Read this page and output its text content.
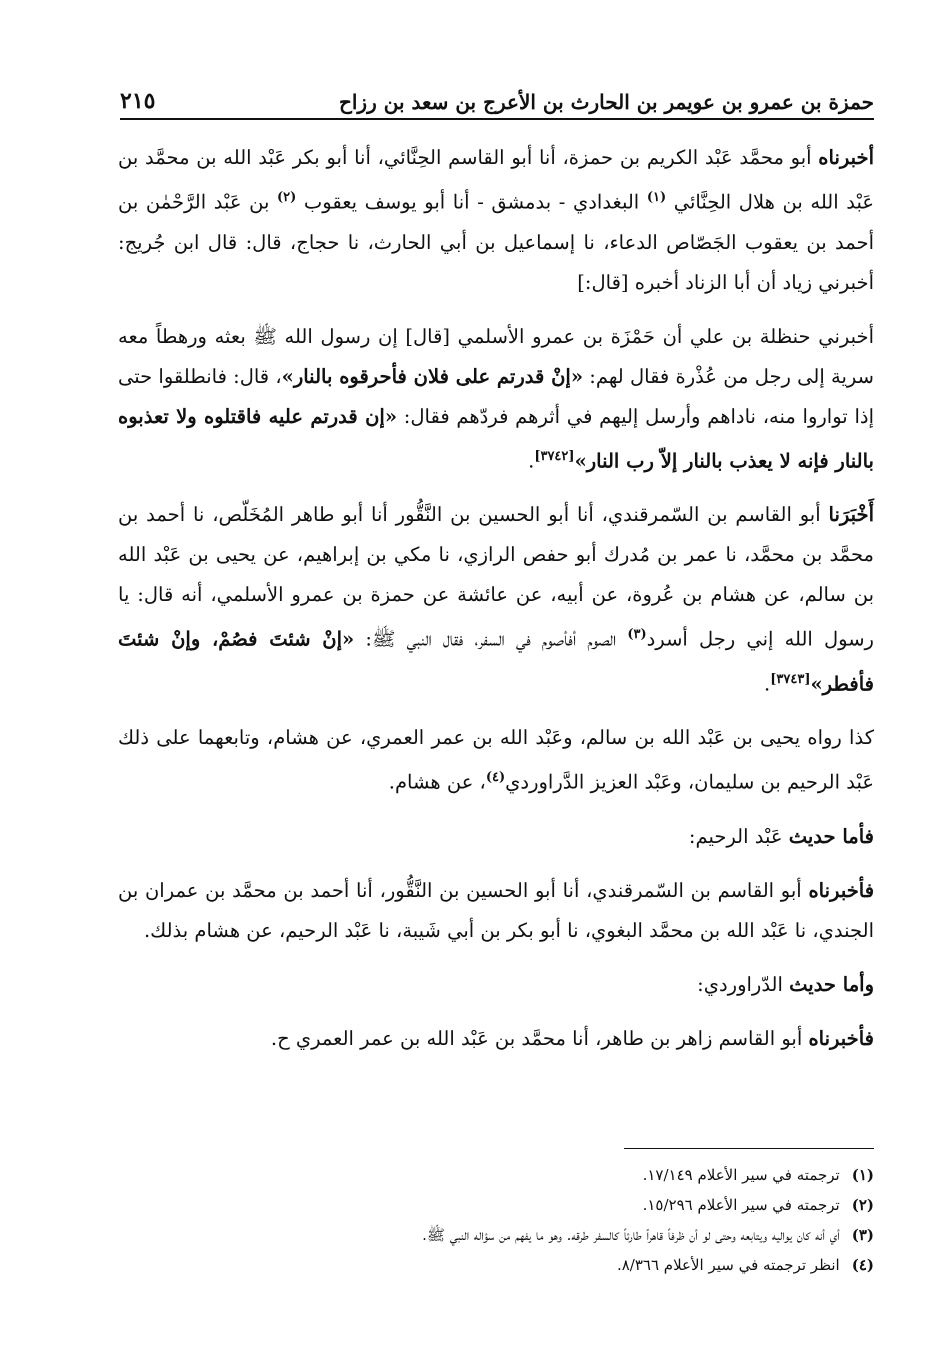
حمزة بن عمرو بن عويمر بن الحارث بن الأعرج بن سعد بن رزاح
٢١٥

أخبرناه أبو محمَّد عَبْد الكريم بن حمزة، أنا أبو القاسم الحِنَّائي، أنا أبو بكر عَبْد الله بن محمَّد بن عَبْد الله بن هلال الحِنَّائي $^{(١)}$ البغدادي - بدمشق - أنا أبو يوسف يعقوب $^{(٢)}$ بن عَبْد الرَّحْمٰن بن أحمد بن يعقوب الجَصّاص الدعاء، نا إسماعيل بن أبي الحارث، نا حجاج، قال: قال ابن جُريج: أخبرني زياد أن أبا الزناد أخبره [قال:]

أخبرني حنظلة بن علي أن حَمْزَة بن عمرو الأسلمي [قال] إن رسول الله ﷺ بعثه ورهطاً معه سرية إلى رجل من عُذْرة فقال لهم: «إنْ قدرتم على فلان فأحرقوه بالنار»، قال: فانطلقوا حتى إذا تواروا منه، ناداهم وأرسل إليهم في أثرهم فردّهم فقال: «إن قدرتم عليه فاقتلوه ولا تعذبوه بالنار فإنه لا يعذب بالنار إلاّ رب النار»[٣٧٤٢].

أَخْبَرَنا أبو القاسم بن السّمرقندي، أنا أبو الحسين بن النَّقُّور أنا أبو طاهر المُخَلّص، نا أحمد بن محمَّد بن محمَّد، نا عمر بن مُدرك أبو حفص الرازي، نا مكي بن إبراهيم، عن يحيى بن عَبْد الله بن سالم، عن هشام بن عُروة، عن أبيه، عن عائشة عن حمزة بن عمرو الأسلمي، أنه قال: يا رسول الله إني رجل أسرد$^{(٣)}$ الصوم أفأصوم في السفر، فقال النبي ﷺ: «إنْ شئتَ فصُمْ، وإنْ شئتَ فأفطر»[٣٧٤٣].

كذا رواه يحيى بن عَبْد الله بن سالم، وعَبْد الله بن عمر العمري، عن هشام، وتابعهما على ذلك عَبْد الرحيم بن سليمان، وعَبْد العزيز الدَّراوردي$^{(٤)}$، عن هشام.

فأما حديث عَبْد الرحيم:

فأخبرناه أبو القاسم بن السّمرقندي، أنا أبو الحسين بن النَّقُّور، أنا أحمد بن محمَّد بن عمران بن الجندي، نا عَبْد الله بن محمَّد البغوي، نا أبو بكر بن أبي شَيبة، نا عَبْد الرحيم، عن هشام بذلك.

وأما حديث الدّراوردي:

فأخبرناه أبو القاسم زاهر بن طاهر، أنا محمَّد بن عَبْد الله بن عمر العمري ح.

(١)ترجمته في سير الأعلام ١٧/١٤٩.
(٢)ترجمته في سير الأعلام ١٥/٢٩٦.
(٣)أي أنه كان يواليه ويتابعه وحتى لو أن ظرفاً قاهراً طارئاً كالسفر طرقه. وهو ما يفهم من سؤاله النبي ﷺ.
(٤)انظر ترجمته في سير الأعلام ٨/٣٦٦.
